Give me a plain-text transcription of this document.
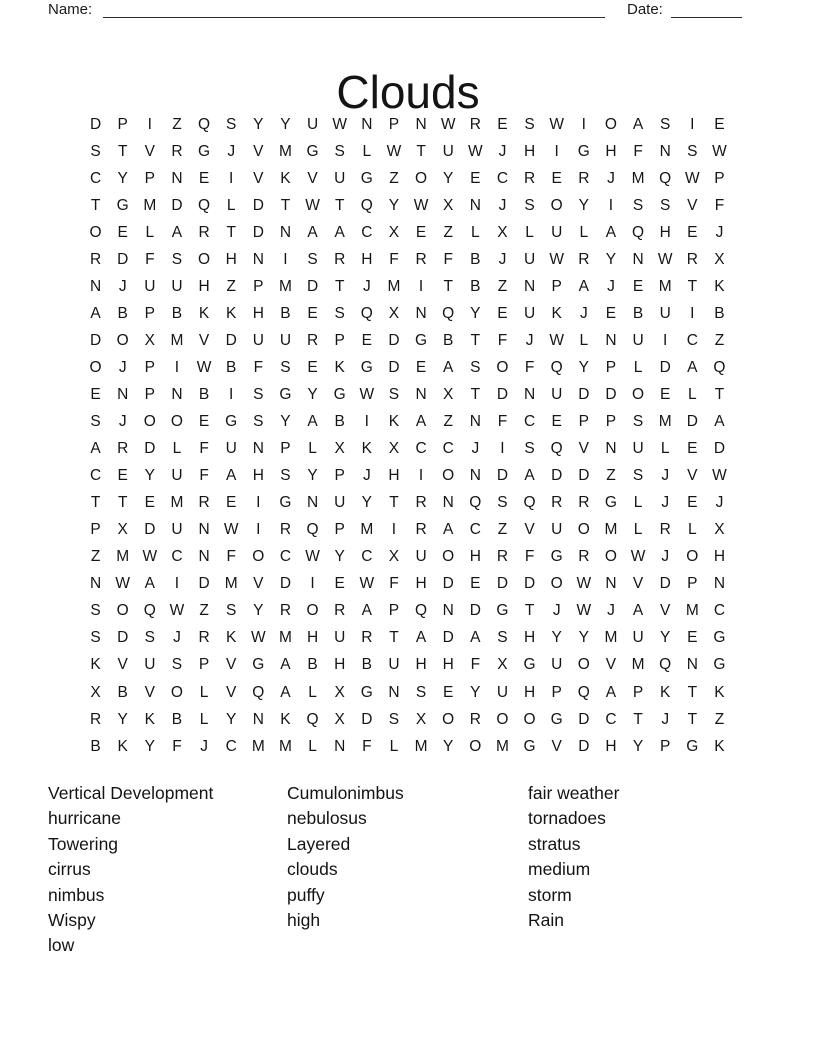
Name:	Date:
Clouds
D	P	I	Z	Q	S	Y	Y	U W N	P	N W R	E	S W	I	O	A	S	I	E
S	T	V	R	G	J	V M G	S	L W T	U W	J	H	I	G H	F	N	S W
C	Y	P	N	E	I	V	K	V	U	G	Z	O	Y	E	C	R	E	R	J	M Q W P
T	G M D	Q	L	D	T W T	Q	Y W X	N	J	S	O	Y	I	S	S	V	F
O	E	L	A	R	T	D	N	A	A	C	X	E	Z	L	X	L	U	L	A	Q H	E	J
R	D	F	S	O H	N	I	S	R	H	F	R	F	B	J	U W R	Y	N W R	X
N	J	U	U	H	Z	P M D	T	J	M	I	T	B	Z	N	P	A	J	E M	T	K
A	B	P	B	K	K	H	B	E	S	Q	X	N	Q	Y	E	U	K	J	E	B	U	I	B
D	O	X M	V	D	U	U	R	P	E	D	G	B	T	F	J	W	L	N	U	I	C	Z
O	J	P	I	W B	F	S	E	K	G D	E	A	S	O	F	Q	Y	P	L	D	A	Q
E	N	P	N	B	I	S	G	Y	G W S	N	X	T	D	N	U	D	D	O	E	L	T
S	J	O O	E	G	S	Y	A	B	I	K	A	Z	N	F	C	E	P	P	S M D	A
A	R	D	L	F	U	N	P	L	X	K	X	C	C	J	I	S	Q	V	N	U	L	E	D
C	E	Y	U	F	A	H	S	Y	P	J	H	I	O N	D	A	D	D	Z	S	J	V W
T	T	E M R	E	I	G N	U	Y	T	R	N	Q	S	Q R	R	G	L	J	E	J
P	X	D	U	N W	I	R	Q	P M	I	R	A	C	Z	V	U	O M	L	R	L	X
Z	M W C	N	F	O C W Y	C	X	U	O H	R	F	G R	O W	J	O H
N W A	I	D M	V	D	I	E W F	H	D	E	D	D	O W N	V	D	P	N
S	O Q W Z	S	Y	R	O R	A	P	Q N	D	G	T	J	W	J	A	V M C
S	D	S	J	R	K W M H	U	R	T	A	D	A	S	H	Y	Y M U	Y	E	G
K	V	U	S	P	V	G	A	B	H	B	U	H	H	F	X	G U	O	V M Q N	G
X	B	V	O	L	V	Q	A	L	X	G N	S	E	Y	U	H	P	Q	A	P	K	T	K
R	Y	K	B	L	Y	N	K	Q	X	D	S	X	O R	O O G D	C	T	J	T	Z
B	K	Y	F	J	C M M	L	N	F	L	M	Y	O M G	V	D	H	Y	P	G	K
Vertical Development
hurricane
Towering
cirrus
nimbus
Wispy
low
Cumulonimbus
nebulosus
Layered
clouds
puffy
high
fair weather
tornadoes
stratus
medium
storm
Rain
